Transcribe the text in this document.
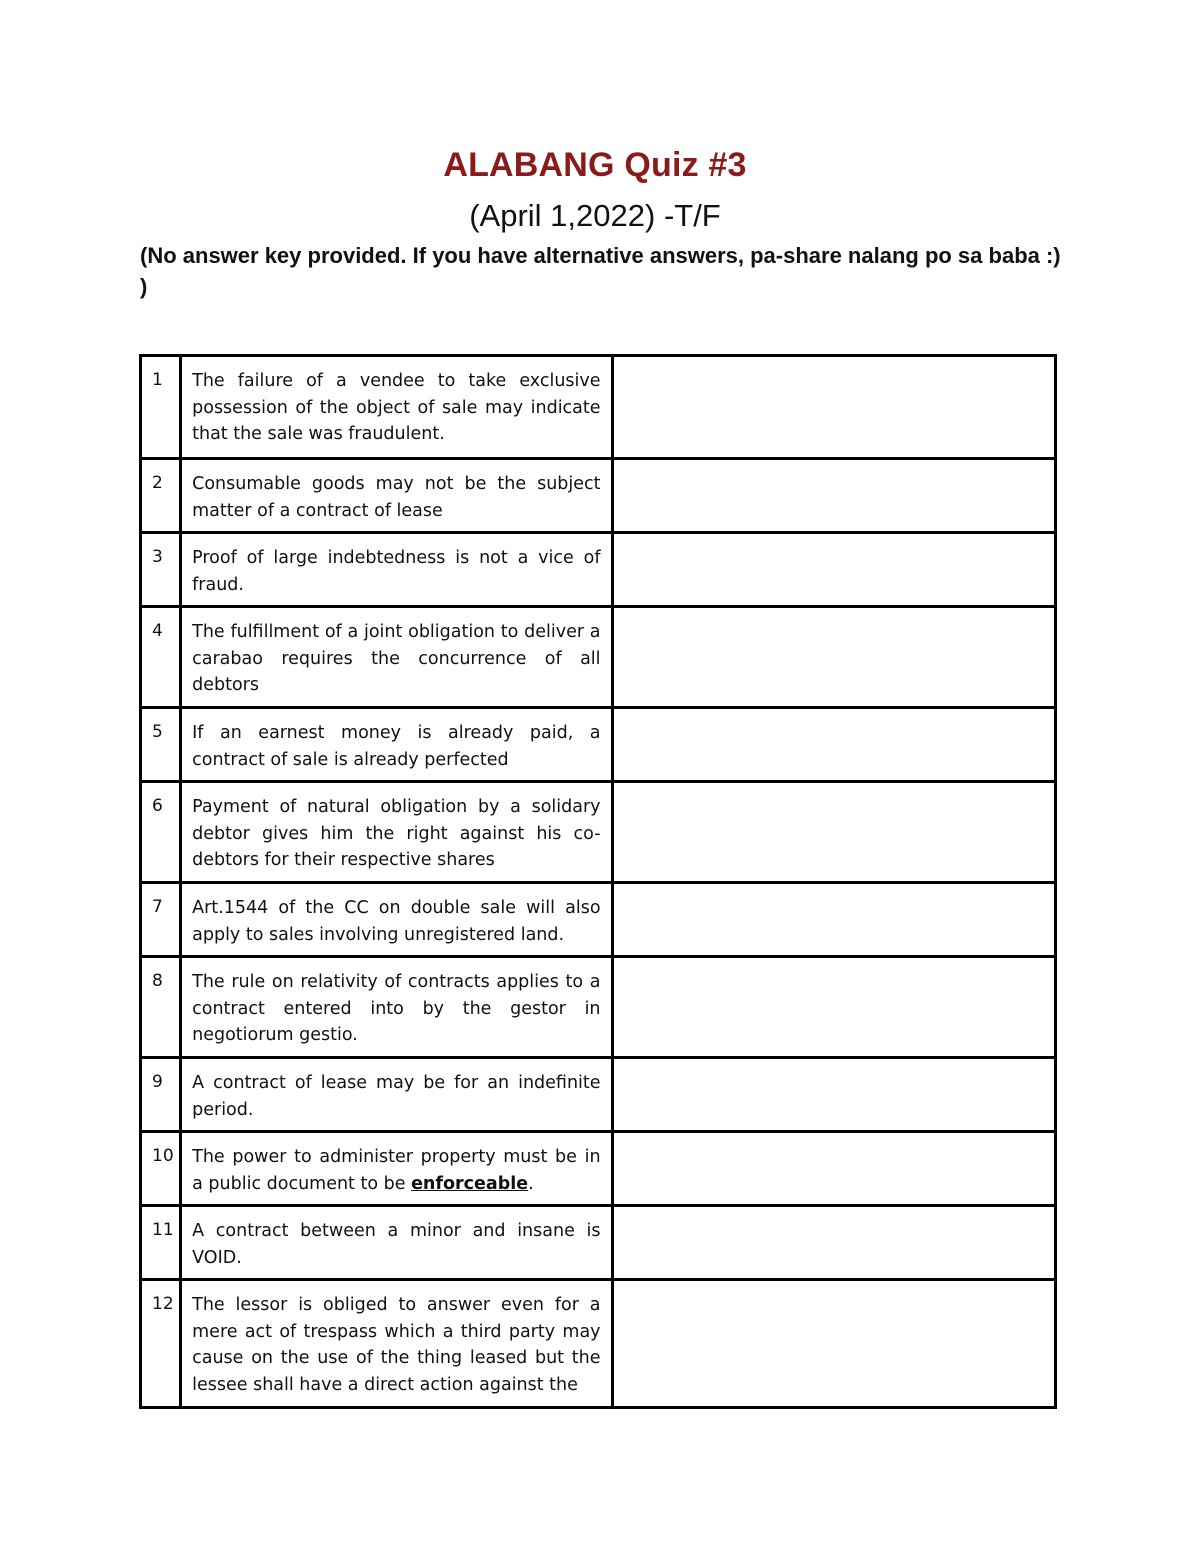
ALABANG Quiz #3
(April 1,2022) -T/F
(No answer key provided. If you have alternative answers, pa-share nalang po sa baba :) )
1	The failure of a vendee to take exclusive possession of the object of sale may indicate that the sale was fraudulent.	

2	Consumable goods may not be the subject matter of a contract of lease	

3	Proof of large indebtedness is not a vice of fraud.	

4	The fulfillment of a joint obligation to deliver a carabao requires the concurrence of all debtors	

5	If an earnest money is already paid, a contract of sale is already perfected	

6	Payment of natural obligation by a solidary debtor gives him the right against his co-debtors for their respective shares	

7	Art.1544 of the CC on double sale will also apply to sales involving unregistered land.	

8	The rule on relativity of contracts applies to a contract entered into by the gestor in negotiorum gestio.	

9	A contract of lease may be for an indefinite period.	

10	The power to administer property must be in a public document to be enforceable.	

11	A contract between a minor and insane is VOID.	

12	The lessor is obliged to answer even for a mere act of trespass which a third party may cause on the use of the thing leased but the lessee shall have a direct action against the	
